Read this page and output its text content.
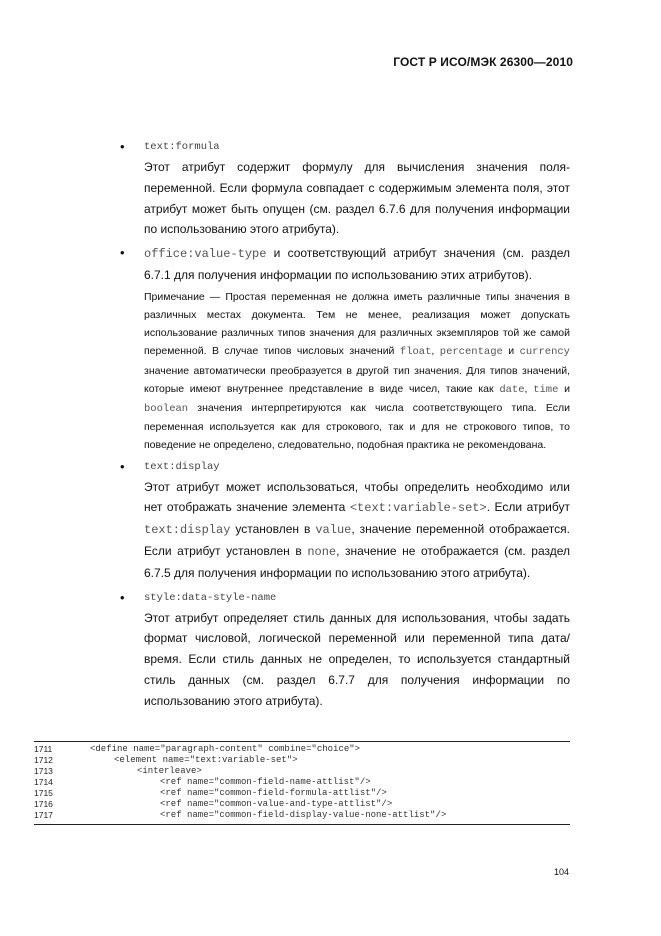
ГОСТ Р ИСО/МЭК 26300—2010
• text:formula

Этот атрибут содержит формулу для вычисления значения поля-переменной. Если формула совпадает с содержимым элемента поля, этот атрибут может быть опущен (см. раздел 6.7.6 для получения информации по использованию этого атрибута).

• office:value-type и соответствующий атрибут значения (см. раздел 6.7.1 для получения информации по использованию этих атрибутов).

Примечание — Простая переменная не должна иметь различные типы значения в различных местах документа. Тем не менее, реализация может допускать использование различных типов значения для различных экземпляров той же самой переменной. В случае типов числовых значений float, percentage и currency значение автоматически преобразуется в другой тип значения. Для типов значений, которые имеют внутреннее представление в виде чисел, такие как date, time и boolean значения интерпретируются как числа соответствующего типа. Если переменная используется как для строкового, так и для не строкового типов, то поведение не определено, следовательно, подобная практика не рекомендована.

• text:display

Этот атрибут может использоваться, чтобы определить необходимо или нет отображать значение элемента <text:variable-set>. Если атрибут text:display установлен в value, значение переменной отображается. Если атрибут установлен в none, значение не отображается (см. раздел 6.7.5 для получения информации по использованию этого атрибута).

• style:data-style-name

Этот атрибут определяет стиль данных для использования, чтобы задать формат числовой, логической переменной или переменной типа дата/время. Если стиль данных не определен, то используется стандартный стиль данных (см. раздел 6.7.7 для получения информации по использованию этого атрибута).

1711

	<define name="paragraph-content" combine="choice">

1712

	<element name="text:variable-set">

1713

	<interleave>

1714

	<ref name="common-field-name-attlist"/>

1715

	<ref name="common-field-formula-attlist"/>

1716

	<ref name="common-value-and-type-attlist"/>

1717

	<ref name="common-field-display-value-none-attlist"/>

104
